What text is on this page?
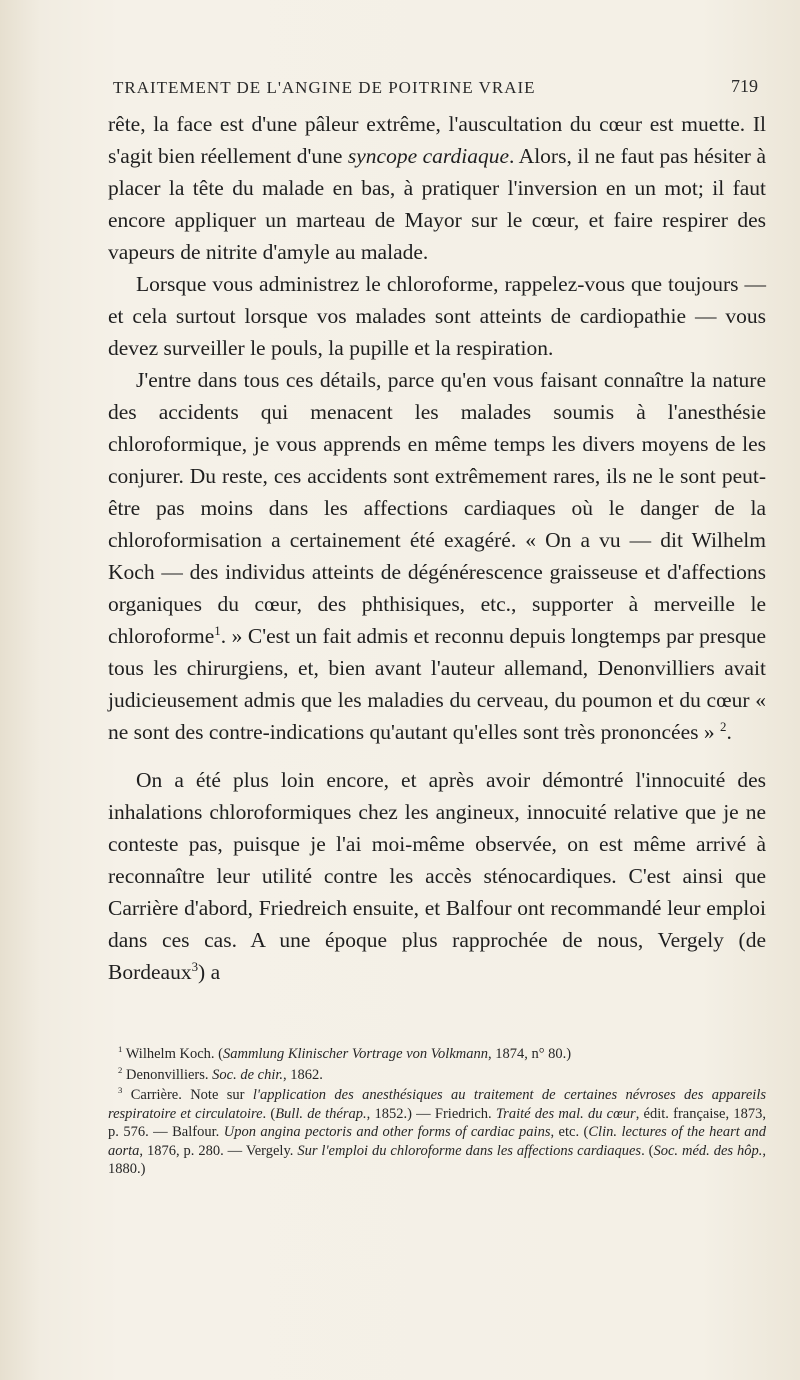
TRAITEMENT DE L'ANGINE DE POITRINE VRAIE	719

rête, la face est d'une pâleur extrême, l'auscultation du cœur est muette. Il s'agit bien réellement d'une syncope cardiaque. Alors, il ne faut pas hésiter à placer la tête du malade en bas, à pratiquer l'inversion en un mot; il faut encore appliquer un marteau de Mayor sur le cœur, et faire respirer des vapeurs de nitrite d'amyle au malade.

Lorsque vous administrez le chloroforme, rappelez-vous que toujours — et cela surtout lorsque vos malades sont atteints de cardiopathie — vous devez surveiller le pouls, la pupille et la respiration.

J'entre dans tous ces détails, parce qu'en vous faisant connaître la nature des accidents qui menacent les malades soumis à l'anesthésie chloroformique, je vous apprends en même temps les divers moyens de les conjurer. Du reste, ces accidents sont extrêmement rares, ils ne le sont peut-être pas moins dans les affections cardiaques où le danger de la chloroformisation a certainement été exagéré. « On a vu — dit Wilhelm Koch — des individus atteints de dégénérescence graisseuse et d'affections organiques du cœur, des phthisiques, etc., supporter à merveille le chloroforme$^1$. » C'est un fait admis et reconnu depuis longtemps par presque tous les chirurgiens, et, bien avant l'auteur allemand, Denonvilliers avait judicieusement admis que les maladies du cerveau, du poumon et du cœur « ne sont des contre-indications qu'autant qu'elles sont très prononcées » $^2$.

On a été plus loin encore, et après avoir démontré l'innocuité des inhalations chloroformiques chez les angineux, innocuité relative que je ne conteste pas, puisque je l'ai moi-même observée, on est même arrivé à reconnaître leur utilité contre les accès sténocardiques. C'est ainsi que Carrière d'abord, Friedreich ensuite, et Balfour ont recommandé leur emploi dans ces cas. A une époque plus rapprochée de nous, Vergely (de Bordeaux$^3$) a

$^1$ Wilhelm Koch. (Sammlung Klinischer Vortrage von Volkmann, 1874, n° 80.)

$^2$ Denonvilliers. Soc. de chir., 1862.

$^3$ Carrière. Note sur l'application des anesthésiques au traitement de certaines névroses des appareils respiratoire et circulatoire. (Bull. de thérap., 1852.) — Friedrich. Traité des mal. du cœur, édit. française, 1873, p. 576. — Balfour. Upon angina pectoris and other forms of cardiac pains, etc. (Clin. lectures of the heart and aorta, 1876, p. 280. — Vergely. Sur l'emploi du chloroforme dans les affections cardiaques. (Soc. méd. des hôp., 1880.)
